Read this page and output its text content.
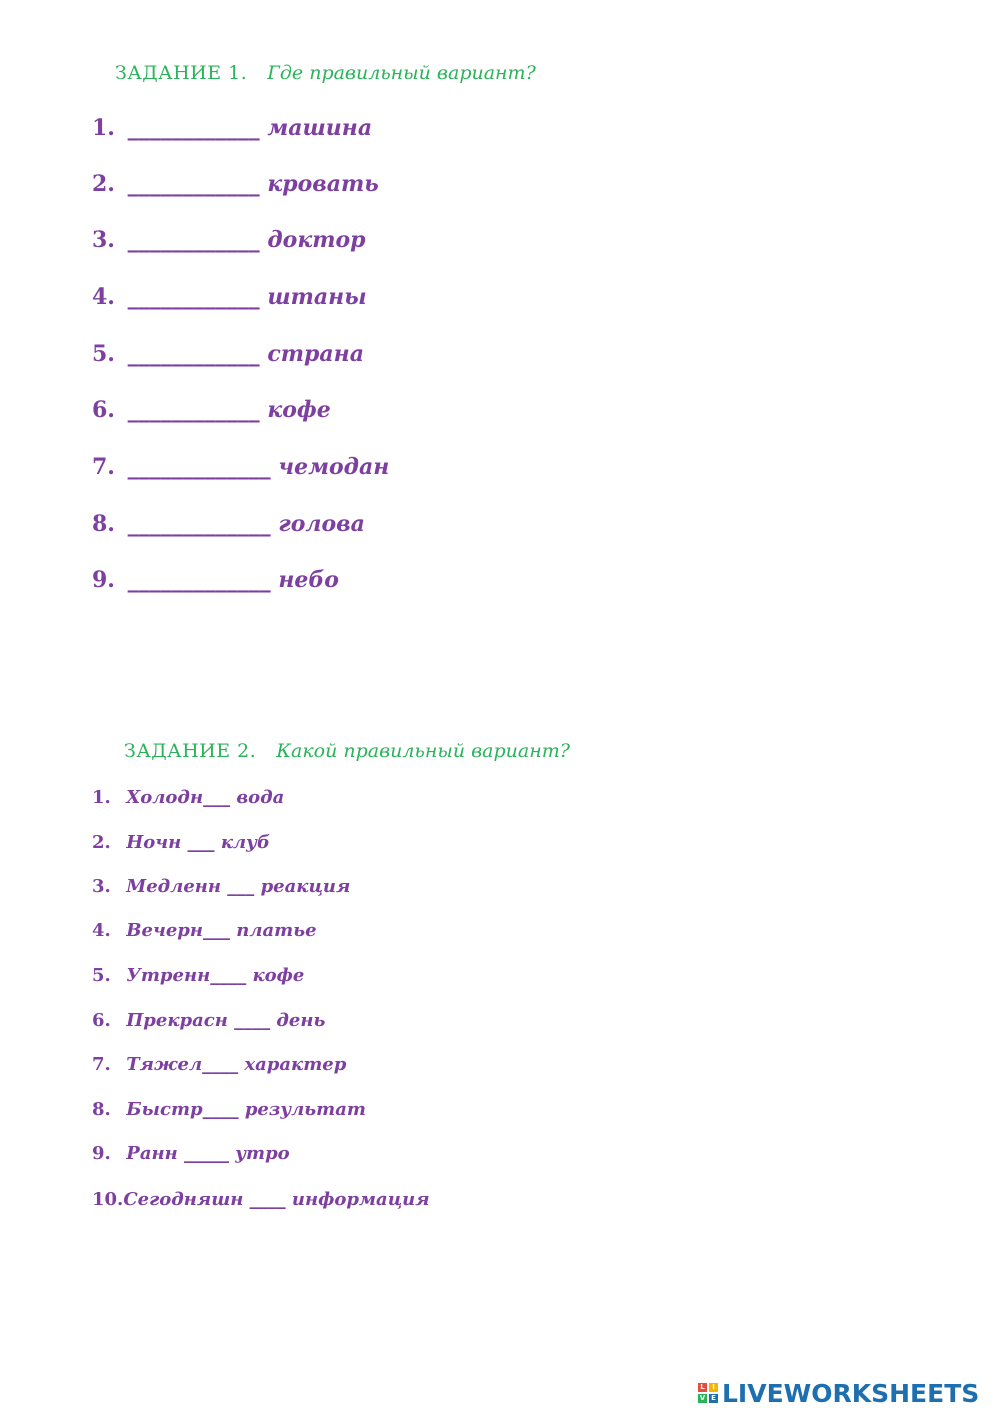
ЗАДАНИЕ 1. Где правильный вариант?
1. ____________ машина
2. ____________ кровать
3. ____________ доктор
4. ____________ штаны
5. ____________ страна
6. ____________ кофе
7. _____________ чемодан
8. _____________ голова
9. _____________ небо
ЗАДАНИЕ 2. Какой правильный вариант?
1. Холодн___ вода
2. Ночн ___ клуб
3. Медленн ___ реакция
4. Вечерн___ платье
5. Утренн____ кофе
6. Прекрасн ____ день
7. Тяжел____ характер
8. Быстр____ результат
9. Ранн _____ утро
10.Сегодняшн ____ информация
L	I
V E LIVEWORKSHEETS
